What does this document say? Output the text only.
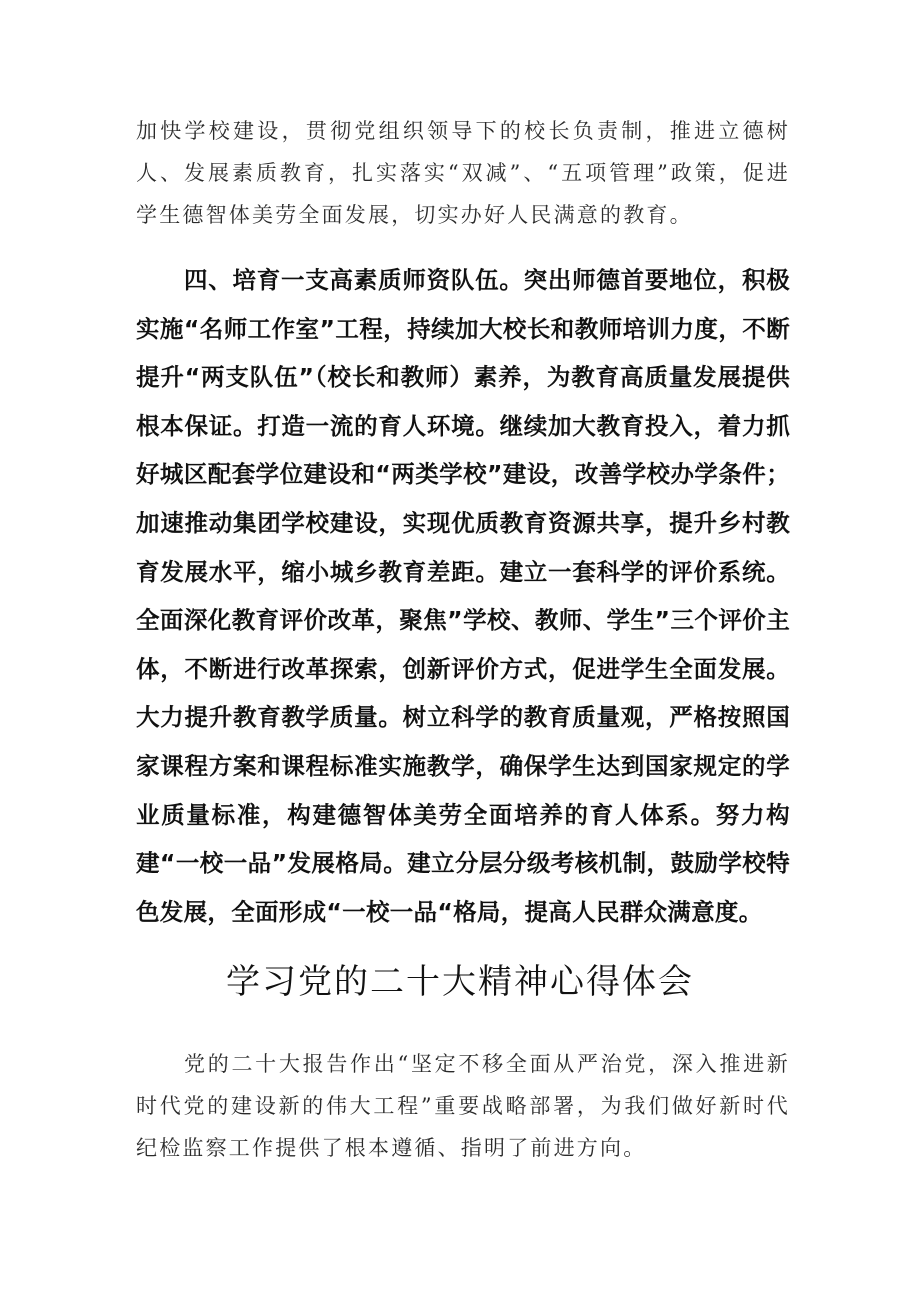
加快学校建设，贯彻党组织领导下的校长负责制，推进立德树人、发展素质教育，扎实落实“双减”、“五项管理”政策，促进学生德智体美劳全面发展，切实办好人民满意的教育。

四、培育一支高素质师资队伍。突出师德首要地位，积极实施“名师工作室”工程，持续加大校长和教师培训力度，不断提升“两支队伍”（校长和教师）素养，为教育高质量发展提供根本保证。打造一流的育人环境。继续加大教育投入，着力抓好城区配套学位建设和“两类学校”建设，改善学校办学条件；加速推动集团学校建设，实现优质教育资源共享，提升乡村教育发展水平，缩小城乡教育差距。建立一套科学的评价系统。全面深化教育评价改革，聚焦”学校、教师、学生”三个评价主体，不断进行改革探索，创新评价方式，促进学生全面发展。大力提升教育教学质量。树立科学的教育质量观，严格按照国家课程方案和课程标准实施教学，确保学生达到国家规定的学业质量标准，构建德智体美劳全面培养的育人体系。努力构建“一校一品”发展格局。建立分层分级考核机制，鼓励学校特色发展，全面形成“一校一品“格局，提高人民群众满意度。

学习党的二十大精神心得体会

党的二十大报告作出“坚定不移全面从严治党，深入推进新时代党的建设新的伟大工程”重要战略部署，为我们做好新时代纪检监察工作提供了根本遵循、指明了前进方向。
